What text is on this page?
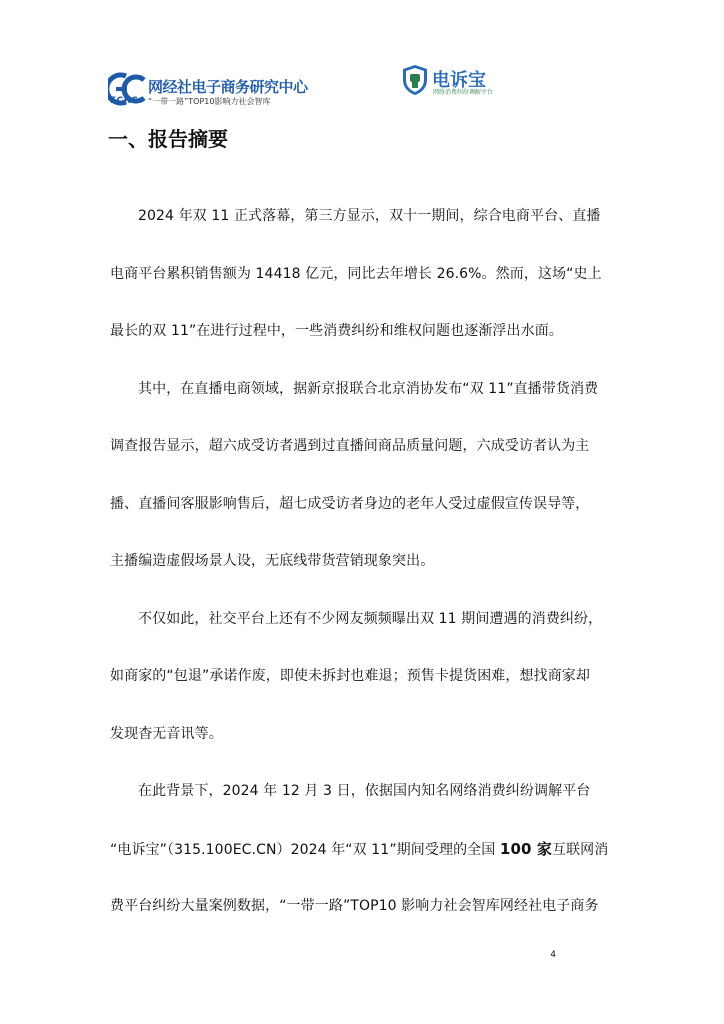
ECRC
网经社电子商务研究中心
“一带一路”TOP10影响力社会智库
电诉宝
网络消费纠纷调解平台
一、报告摘要
2024 年双 11 正式落幕，第三方显示，双十一期间，综合电商平台、直播
电商平台累积销售额为 14418 亿元，同比去年增长 26.6%。然而，这场“史上
最长的双 11”在进行过程中，一些消费纠纷和维权问题也逐渐浮出水面。
其中，在直播电商领域，据新京报联合北京消协发布“双 11”直播带货消费
调查报告显示，超六成受访者遇到过直播间商品质量问题，六成受访者认为主
播、直播间客服影响售后，超七成受访者身边的老年人受过虚假宣传误导等，
主播编造虚假场景人设，无底线带货营销现象突出。
不仅如此，社交平台上还有不少网友频频曝出双 11 期间遭遇的消费纠纷，
如商家的“包退”承诺作废，即使未拆封也难退；预售卡提货困难，想找商家却
发现杳无音讯等。
在此背景下，2024 年 12 月 3 日，依据国内知名网络消费纠纷调解平台
“电诉宝”（315.100EC.CN）2024 年“双 11”期间受理的全国 100 家互联网消
费平台纠纷大量案例数据，“一带一路”TOP10 影响力社会智库网经社电子商务
4
